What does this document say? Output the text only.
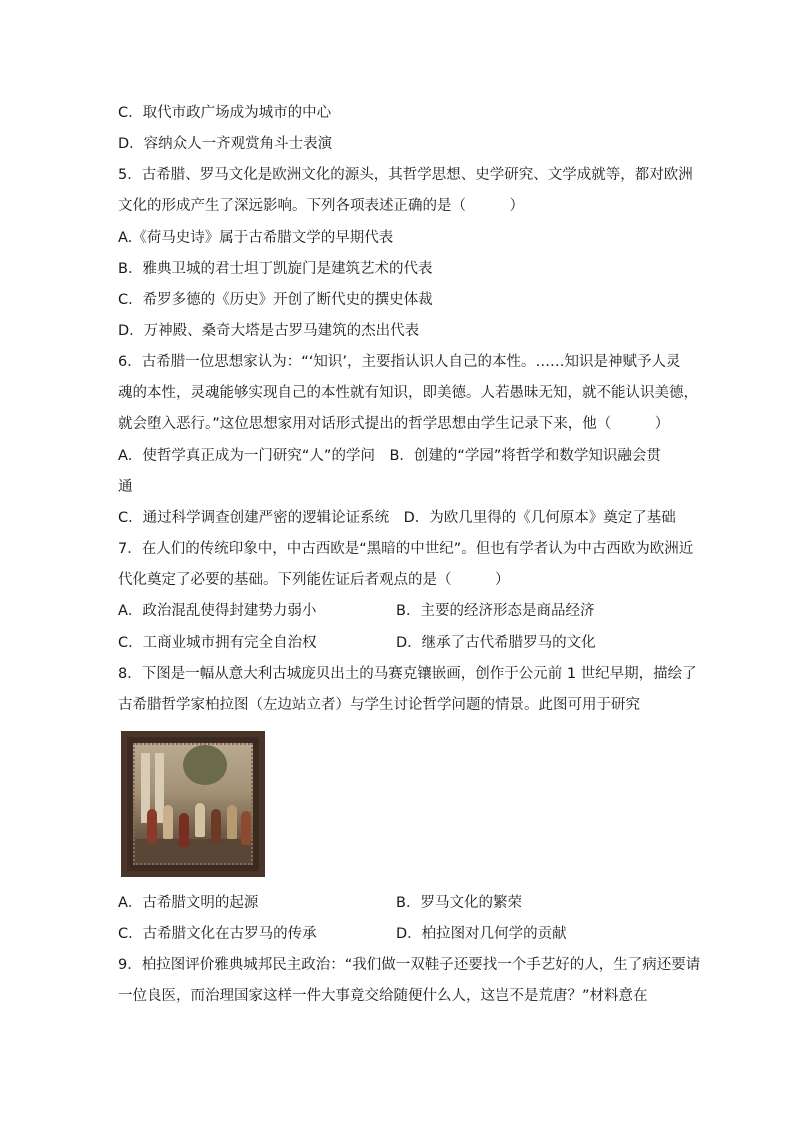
C．取代市政广场成为城市的中心
D．容纳众人一齐观赏角斗士表演
5．古希腊、罗马文化是欧洲文化的源头，其哲学思想、史学研究、文学成就等，都对欧洲
文化的形成产生了深远影响。下列各项表述正确的是（　　　）
A.《荷马史诗》属于古希腊文学的早期代表
B．雅典卫城的君士坦丁凯旋门是建筑艺术的代表
C．希罗多德的《历史》开创了断代史的撰史体裁
D．万神殿、桑奇大塔是古罗马建筑的杰出代表
6．古希腊一位思想家认为：“‘知识’，主要指认识人自己的本性。……知识是神赋予人灵
魂的本性，灵魂能够实现自己的本性就有知识，即美德。人若愚昧无知，就不能认识美德，
就会堕入恶行。”这位思想家用对话形式提出的哲学思想由学生记录下来，他（　　　）
A．使哲学真正成为一门研究“人”的学问　B．创建的“学园”将哲学和数学知识融会贯
通
C．通过科学调查创建严密的逻辑论证系统　D．为欧几里得的《几何原本》奠定了基础
7．在人们的传统印象中，中古西欧是“黑暗的中世纪”。但也有学者认为中古西欧为欧洲近
代化奠定了必要的基础。下列能佐证后者观点的是（　　　）
A．政治混乱使得封建势力弱小	B．主要的经济形态是商品经济
C．工商业城市拥有完全自治权	D．继承了古代希腊罗马的文化
8．下图是一幅从意大利古城庞贝出土的马赛克镶嵌画，创作于公元前 1 世纪早期，描绘了
古希腊哲学家柏拉图（左边站立者）与学生讨论哲学问题的情景。此图可用于研究
A．古希腊文明的起源	B．罗马文化的繁荣
C．古希腊文化在古罗马的传承	D．柏拉图对几何学的贡献
9．柏拉图评价雅典城邦民主政治：“我们做一双鞋子还要找一个手艺好的人，生了病还要请
一位良医，而治理国家这样一件大事竟交给随便什么人，这岂不是荒唐？”材料意在
